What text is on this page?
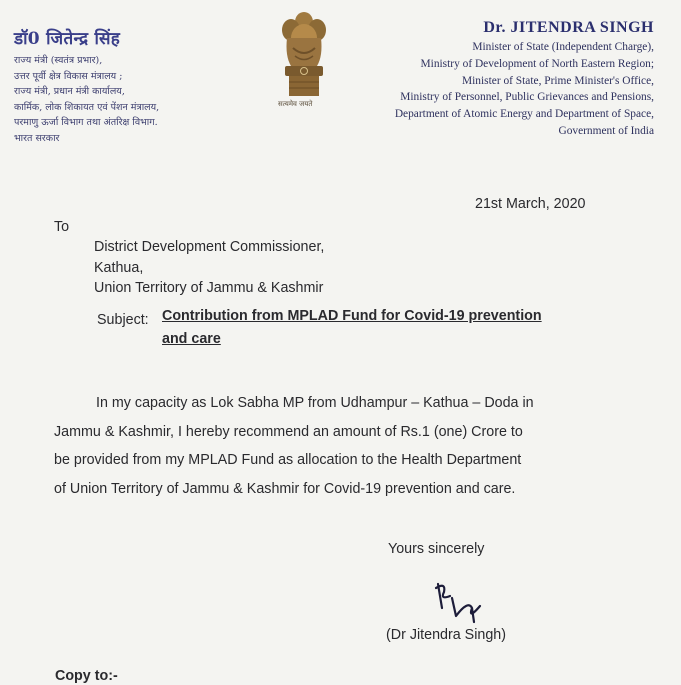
डॉ0 जितेन्द्र सिंह
राज्य मंत्री (स्वतंत्र प्रभार),
उत्तर पूर्वी क्षेत्र विकास मंत्रालय ;
राज्य मंत्री, प्रधान मंत्री कार्यालय,
कार्मिक, लोक शिकायत एवं पेंशन मंत्रालय,
परमाणु ऊर्जा विभाग तथा अंतरिक्ष विभाग.
भारत सरकार
सत्यमेव जयते
Dr. JITENDRA SINGH
Minister of State (Independent Charge),
Ministry of Development of North Eastern Region;
Minister of State, Prime Minister's Office,
Ministry of Personnel, Public Grievances and Pensions,
Department of Atomic Energy and Department of Space,
Government of India
21st March, 2020
To
District Development Commissioner,
Kathua,
Union Territory of Jammu & Kashmir
Subject: Contribution from MPLAD Fund for Covid-19 prevention
and care
In my capacity as Lok Sabha MP from Udhampur – Kathua – Doda in
Jammu & Kashmir, I hereby recommend an amount of Rs.1 (one) Crore to
be provided from my MPLAD Fund as allocation to the Health Department
of Union Territory of Jammu & Kashmir for Covid-19 prevention and care.
Yours sincerely
(Dr Jitendra Singh)
Copy to:-
